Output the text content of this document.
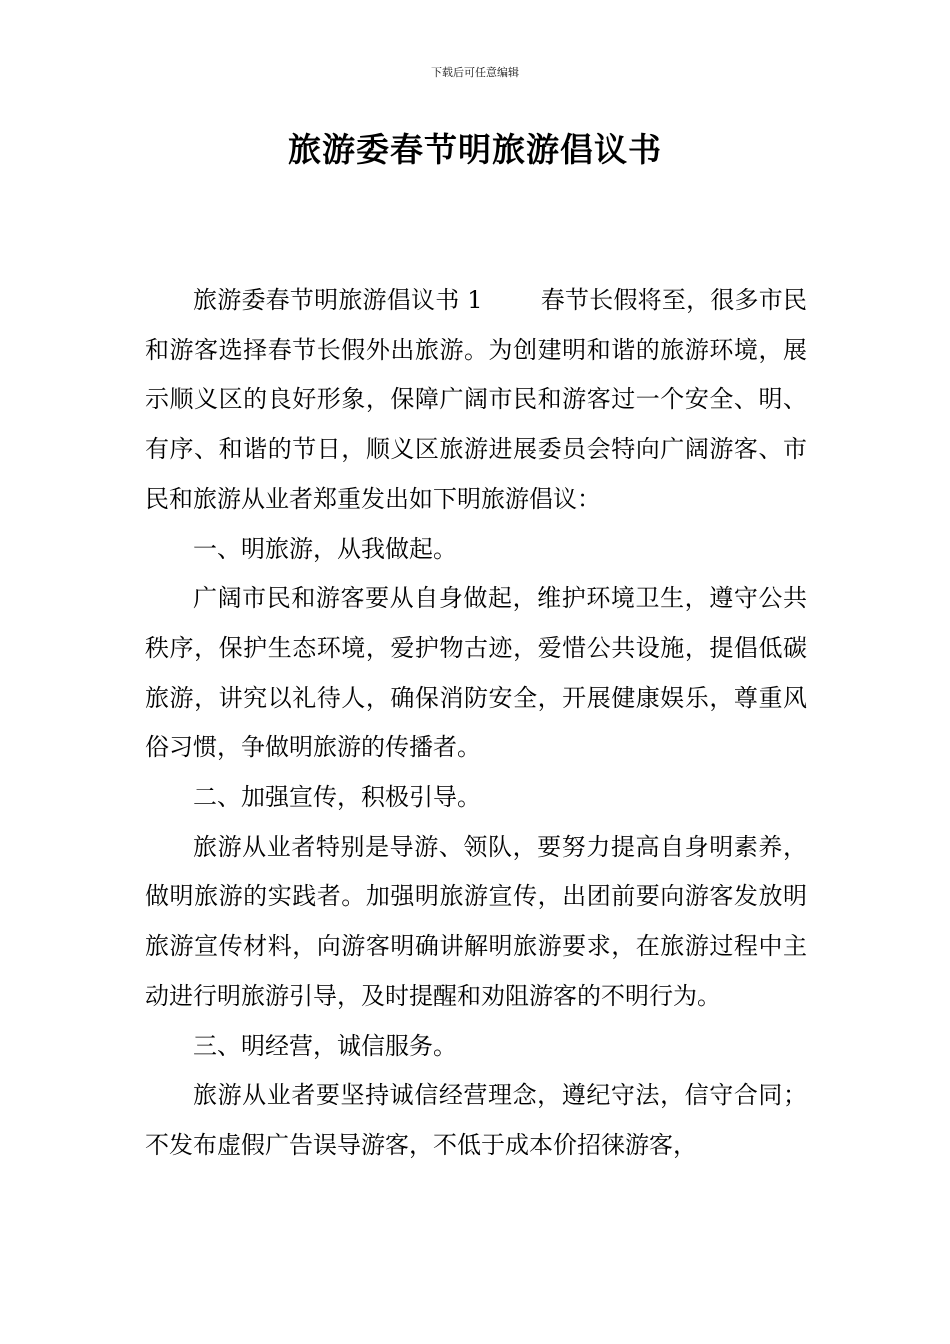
下载后可任意编辑
旅游委春节明旅游倡议书

旅游委春节明旅游倡议书 1 春节长假将至，很多市民和游客选择春节长假外出旅游。为创建明和谐的旅游环境，展示顺义区的良好形象，保障广阔市民和游客过一个安全、明、有序、和谐的节日，顺义区旅游进展委员会特向广阔游客、市民和旅游从业者郑重发出如下明旅游倡议：

一、明旅游，从我做起。

广阔市民和游客要从自身做起，维护环境卫生，遵守公共秩序，保护生态环境，爱护物古迹，爱惜公共设施，提倡低碳旅游，讲究以礼待人，确保消防安全，开展健康娱乐，尊重风俗习惯，争做明旅游的传播者。

二、加强宣传，积极引导。

旅游从业者特别是导游、领队，要努力提高自身明素养，做明旅游的实践者。加强明旅游宣传，出团前要向游客发放明旅游宣传材料，向游客明确讲解明旅游要求，在旅游过程中主动进行明旅游引导，及时提醒和劝阻游客的不明行为。

三、明经营，诚信服务。

旅游从业者要坚持诚信经营理念，遵纪守法，信守合同；不发布虚假广告误导游客，不低于成本价招徕游客，
